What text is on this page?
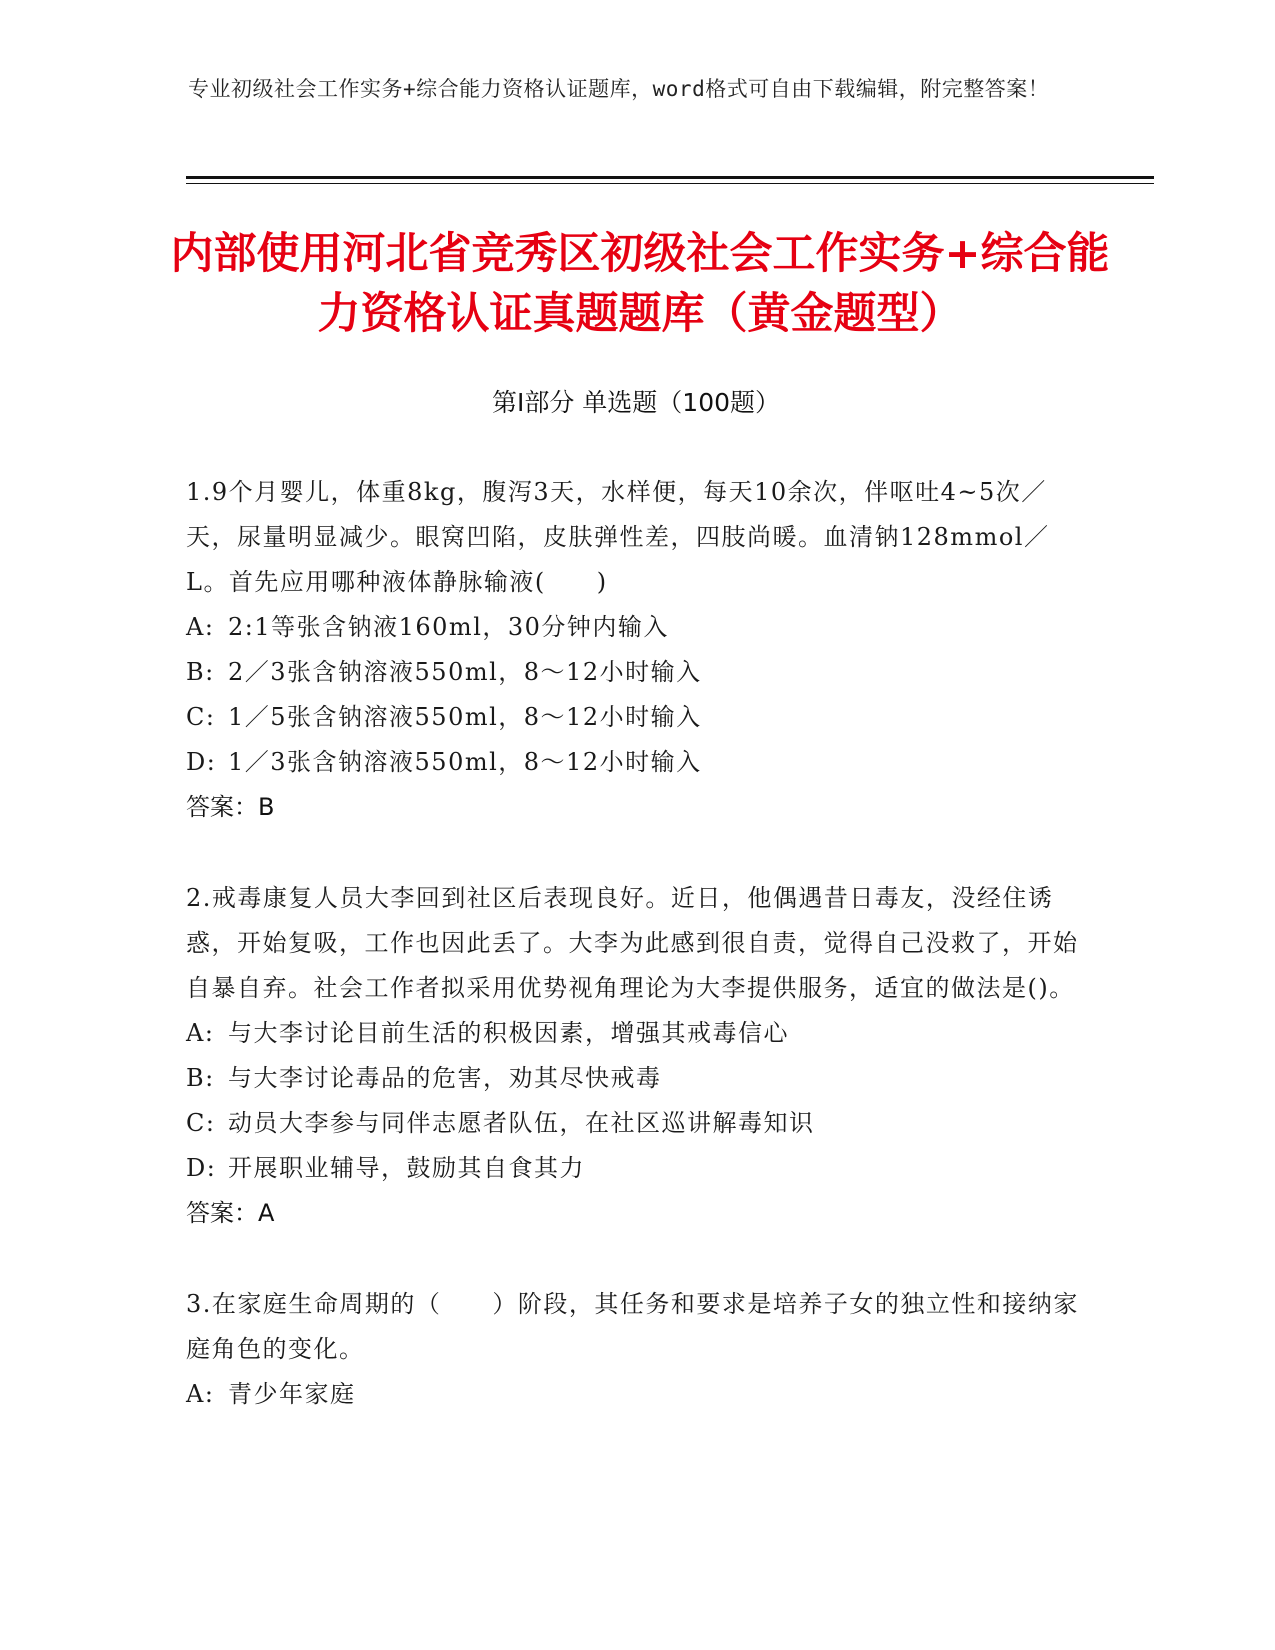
专业初级社会工作实务+综合能力资格认证题库，word格式可自由下载编辑，附完整答案！
内部使用河北省竞秀区初级社会工作实务+综合能力资格认证真题题库（黄金题型）
第I部分 单选题（100题）

1.9个月婴儿，体重8kg，腹泻3天，水样便，每天10余次，伴呕吐4~5次／天，尿量明显减少。眼窝凹陷，皮肤弹性差，四肢尚暖。血清钠128mmol／L。首先应用哪种液体静脉输液(　　)

A: 2:1等张含钠液160ml，30分钟内输入
B: 2／3张含钠溶液550ml，8～12小时输入
C: 1／5张含钠溶液550ml，8～12小时输入
D: 1／3张含钠溶液550ml，8～12小时输入
答案：B

2.戒毒康复人员大李回到社区后表现良好。近日，他偶遇昔日毒友，没经住诱惑，开始复吸，工作也因此丢了。大李为此感到很自责，觉得自己没救了，开始自暴自弃。社会工作者拟采用优势视角理论为大李提供服务，适宜的做法是()。

A: 与大李讨论目前生活的积极因素，增强其戒毒信心
B: 与大李讨论毒品的危害，劝其尽快戒毒
C: 动员大李参与同伴志愿者队伍，在社区巡讲解毒知识
D: 开展职业辅导，鼓励其自食其力
答案：A

3.在家庭生命周期的（　　）阶段，其任务和要求是培养子女的独立性和接纳家庭角色的变化。

A: 青少年家庭
